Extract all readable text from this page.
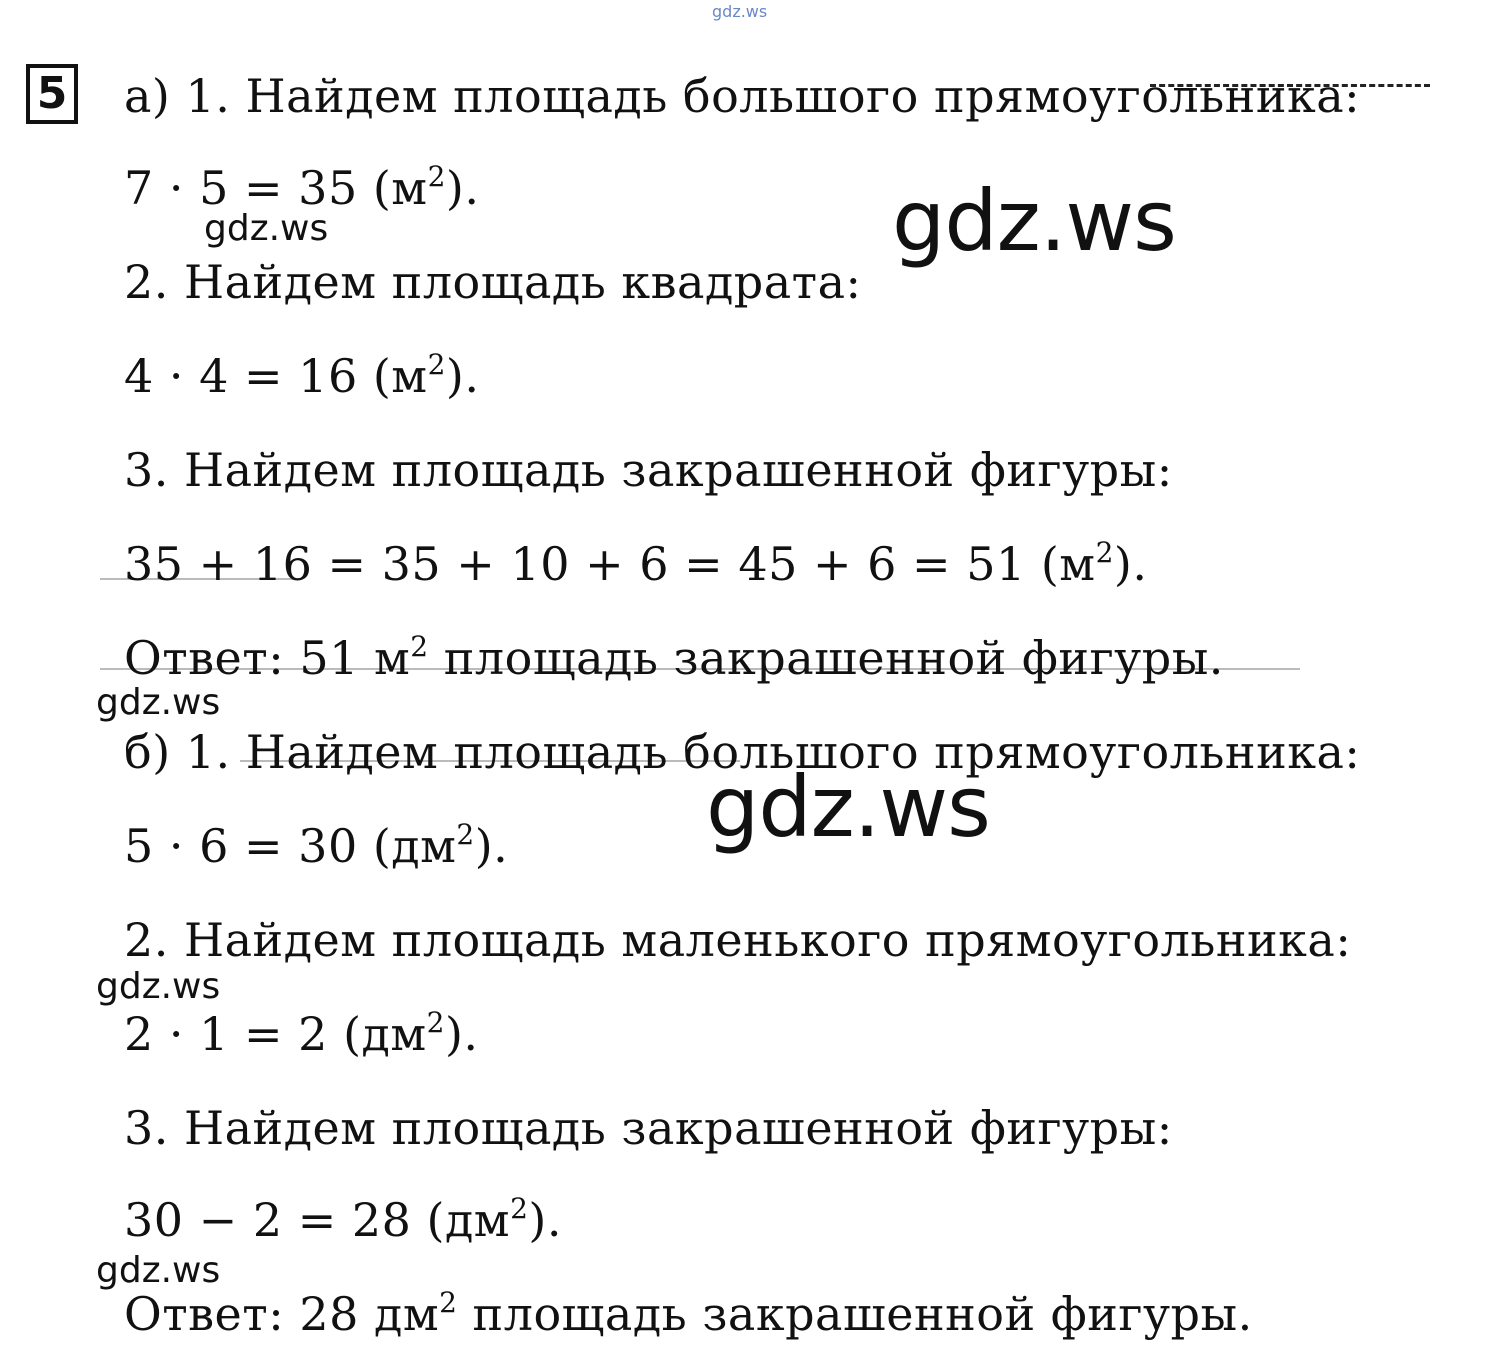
gdz.ws
5 а) 1. Найдем площадь большого прямоугольника:
7 · 5 = 35 $(м^2)$.
2. Найдем площадь квадрата:
4 · 4 = 16 $(м^2)$.
3. Найдем площадь закрашенной фигуры:
35 + 16 = 35 + 10 + 6 = 45 + 6 = 51 $(м^2)$.
Ответ: 51 $м^2$ площадь закрашенной фигуры.
б) 1. Найдем площадь большого прямоугольника:
5 · 6 = 30 $(дм^2)$.
2. Найдем площадь маленького прямоугольника:
2 · 1 = 2 $(дм^2)$.
3. Найдем площадь закрашенной фигуры:
30 − 2 = 28 $(дм^2)$.
Ответ: 28 $дм^2$ площадь закрашенной фигуры.
gdz.ws	gdz.ws
gdz.ws
gdz.ws
gdz.ws
gdz.ws
